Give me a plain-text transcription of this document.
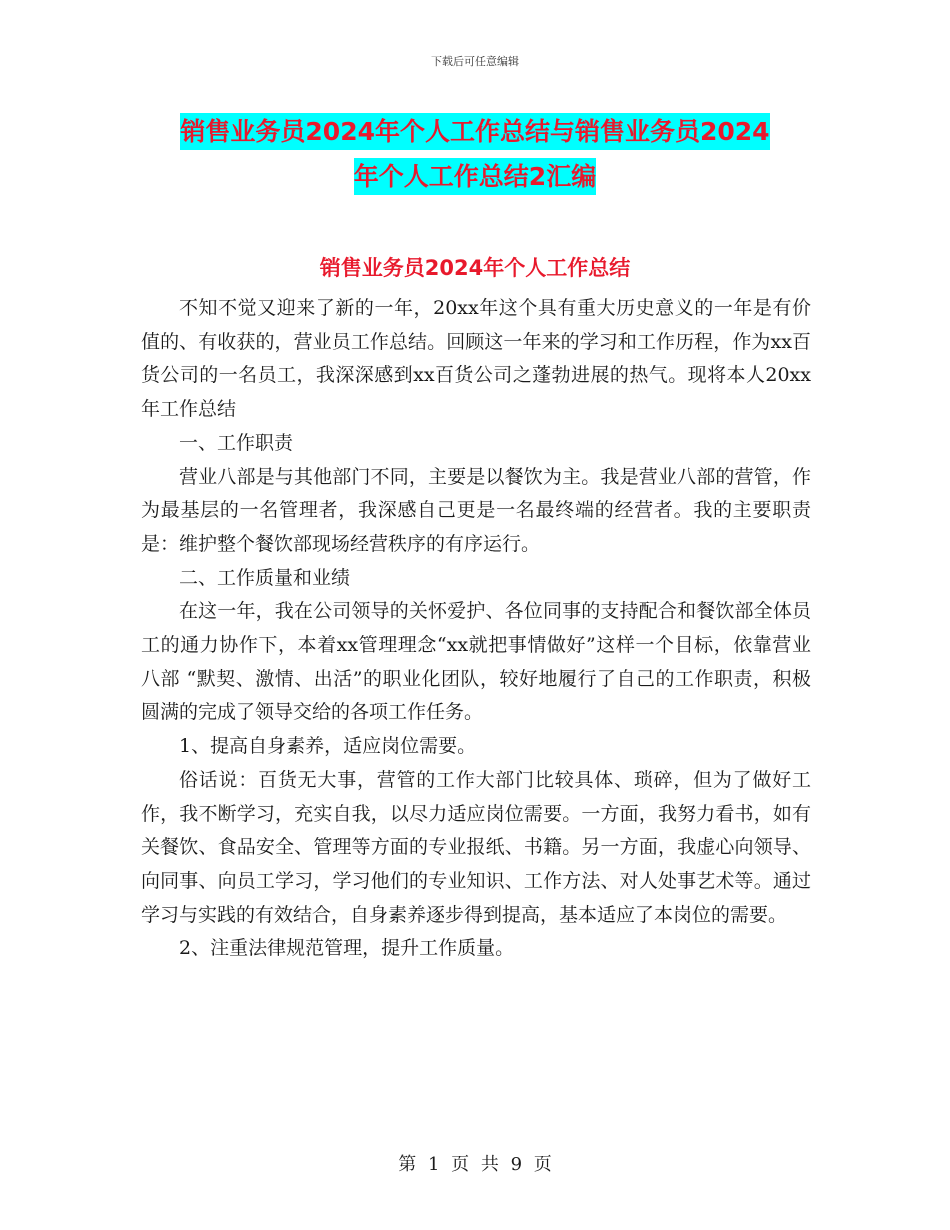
下载后可任意编辑
销售业务员2024年个人工作总结与销售业务员2024
年个人工作总结2汇编
销售业务员2024年个人工作总结

不知不觉又迎来了新的一年，20xx年这个具有重大历史意义的一年是有价值的、有收获的，营业员工作总结。回顾这一年来的学习和工作历程，作为xx百货公司的一名员工，我深深感到xx百货公司之蓬勃进展的热气。现将本人20xx年工作总结

一、工作职责

营业八部是与其他部门不同，主要是以餐饮为主。我是营业八部的营管，作为最基层的一名管理者，我深感自己更是一名最终端的经营者。我的主要职责是：维护整个餐饮部现场经营秩序的有序运行。

二、工作质量和业绩

在这一年，我在公司领导的关怀爱护、各位同事的支持配合和餐饮部全体员工的通力协作下，本着xx管理理念“xx就把事情做好”这样一个目标，依靠营业八部 “默契、激情、出活”的职业化团队，较好地履行了自己的工作职责，积极圆满的完成了领导交给的各项工作任务。

1、提高自身素养，适应岗位需要。

俗话说：百货无大事，营管的工作大部门比较具体、琐碎，但为了做好工作，我不断学习，充实自我，以尽力适应岗位需要。一方面，我努力看书，如有关餐饮、食品安全、管理等方面的专业报纸、书籍。另一方面，我虚心向领导、向同事、向员工学习，学习他们的专业知识、工作方法、对人处事艺术等。通过学习与实践的有效结合，自身素养逐步得到提高，基本适应了本岗位的需要。

2、注重法律规范管理，提升工作质量。

第 1 页 共 9 页
